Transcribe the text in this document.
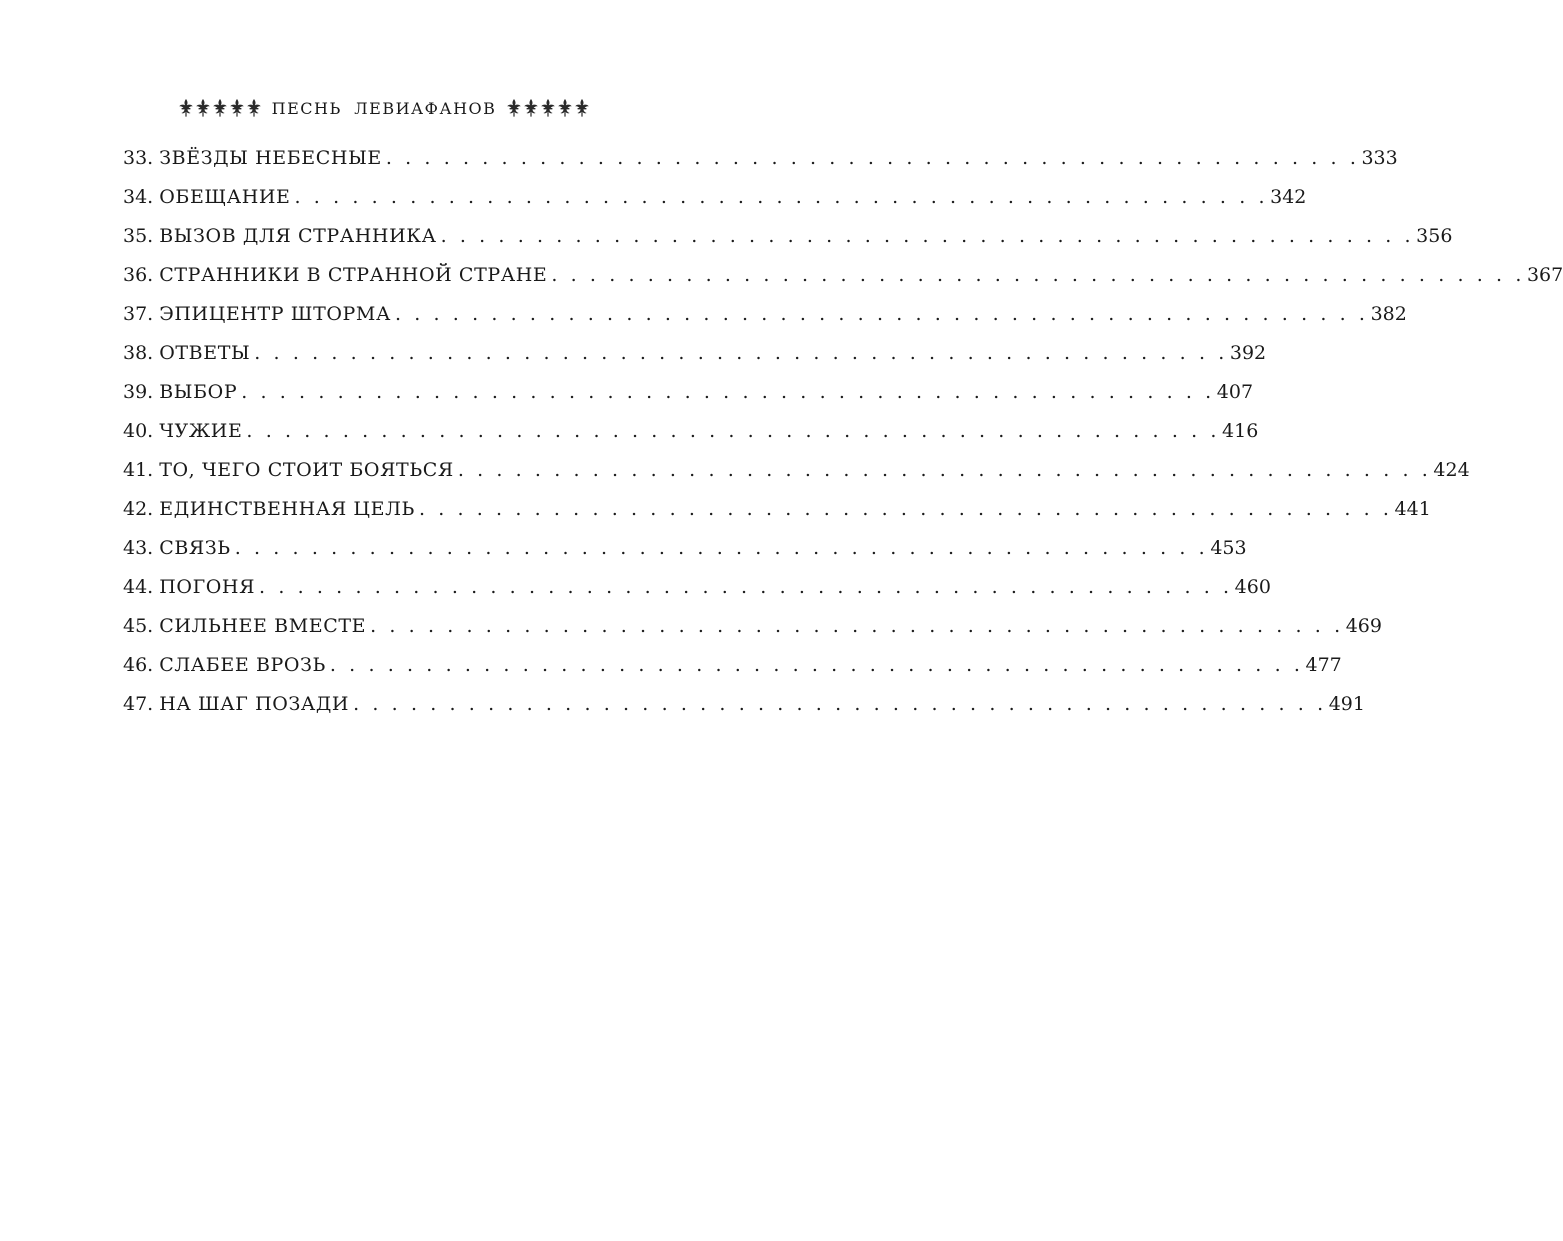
ПЕСНЬ ЛЕВИАФАНОВ
33. ЗВЁЗДЫ НЕБЕСНЫЕ . . . . . . . . . . . . . . . . . . . . . . . . . . . . . . . . . . . . . . . . . . . . . . . . . . . 333
34. ОБЕЩАНИЕ . . . . . . . . . . . . . . . . . . . . . . . . . . . . . . . . . . . . . . . . . . . . . . . . . . . 342
35. ВЫЗОВ ДЛЯ СТРАННИКА . . . . . . . . . . . . . . . . . . . . . . . . . . . . . . . . . . . . . . . . . . . . . . . . . . . 356
36. СТРАННИКИ В СТРАННОЙ СТРАНЕ . . . . . . . . . . . . . . . . . . . . . . . . . . . . . . . . . . . . . . . . . . . . . . . . . . . 367
37. ЭПИЦЕНТР ШТОРМА . . . . . . . . . . . . . . . . . . . . . . . . . . . . . . . . . . . . . . . . . . . . . . . . . . . 382
38. ОТВЕТЫ . . . . . . . . . . . . . . . . . . . . . . . . . . . . . . . . . . . . . . . . . . . . . . . . . . . 392
39. ВЫБОР . . . . . . . . . . . . . . . . . . . . . . . . . . . . . . . . . . . . . . . . . . . . . . . . . . . 407
40. ЧУЖИЕ . . . . . . . . . . . . . . . . . . . . . . . . . . . . . . . . . . . . . . . . . . . . . . . . . . . 416
41. ТО, ЧЕГО СТОИТ БОЯТЬСЯ . . . . . . . . . . . . . . . . . . . . . . . . . . . . . . . . . . . . . . . . . . . . . . . . . . . 424
42. ЕДИНСТВЕННАЯ ЦЕЛЬ . . . . . . . . . . . . . . . . . . . . . . . . . . . . . . . . . . . . . . . . . . . . . . . . . . . 441
43. СВЯЗЬ . . . . . . . . . . . . . . . . . . . . . . . . . . . . . . . . . . . . . . . . . . . . . . . . . . . 453
44. ПОГОНЯ . . . . . . . . . . . . . . . . . . . . . . . . . . . . . . . . . . . . . . . . . . . . . . . . . . . 460
45. СИЛЬНЕЕ ВМЕСТЕ . . . . . . . . . . . . . . . . . . . . . . . . . . . . . . . . . . . . . . . . . . . . . . . . . . . 469
46. СЛАБЕЕ ВРОЗЬ . . . . . . . . . . . . . . . . . . . . . . . . . . . . . . . . . . . . . . . . . . . . . . . . . . . 477
47. НА ШАГ ПОЗАДИ . . . . . . . . . . . . . . . . . . . . . . . . . . . . . . . . . . . . . . . . . . . . . . . . . . . 491
